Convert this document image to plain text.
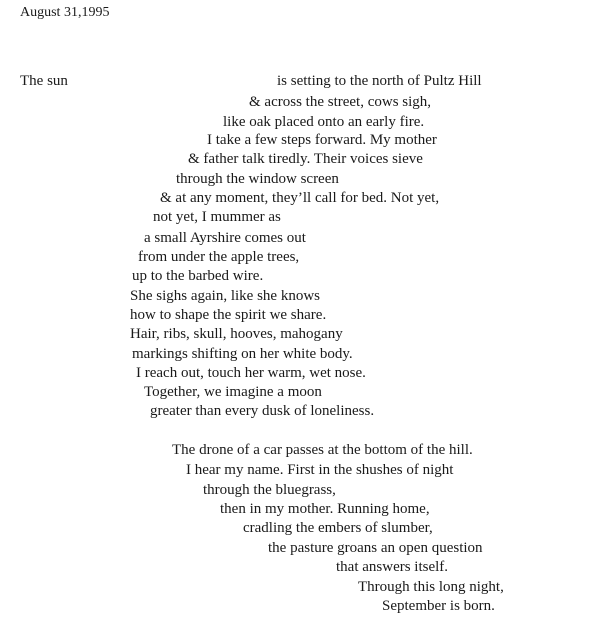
August 31,1995
The sun	is setting to the north of Pultz Hill
& across the street, cows sigh,
like oak placed onto an early fire.
I take a few steps forward. My mother
& father talk tiredly. Their voices sieve
through the window screen
& at any moment, they’ll call for bed. Not yet,
not yet, I mummer as
a small Ayrshire comes out
from under the apple trees,
up to the barbed wire.
She sighs again, like she knows
how to shape the spirit we share.
Hair, ribs, skull, hooves, mahogany
markings shifting on her white body.
I reach out, touch her warm, wet nose.
Together, we imagine a moon
greater than every dusk of loneliness.
The drone of a car passes at the bottom of the hill.
I hear my name. First in the shushes of night
through the bluegrass,
then in my mother. Running home,
cradling the embers of slumber,
the pasture groans an open question
that answers itself.
Through this long night,
September is born.
